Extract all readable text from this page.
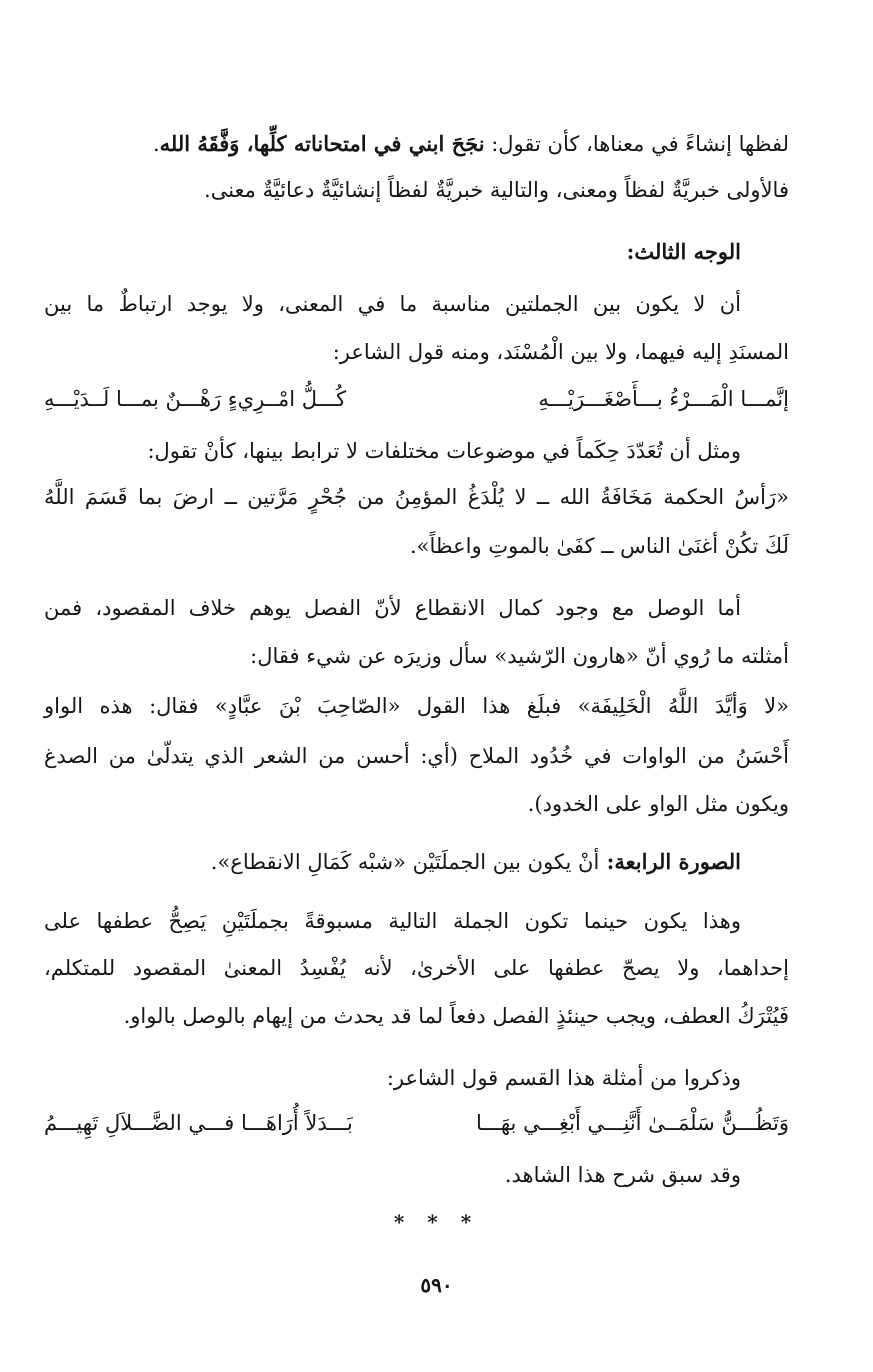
لفظها إنشاءً في معناها، كأن تقول: نجَحَ ابني في امتحاناته كلِّها، وَفَّقَهُ الله.

فالأولى خبريَّةٌ لفظاً ومعنى، والتالية خبريَّةٌ لفظاً إنشائيَّةٌ دعائيَّةٌ معنى.

الوجه الثالث:

أن لا يكون بين الجملتين مناسبة ما في المعنى، ولا يوجد ارتباطٌ ما بين

المسنَدِ إليه فيهما، ولا بين الْمُسْنَد، ومنه قول الشاعر:

إنَّمـــا الْمَـــرْءُ بـــأَصْغَـــرَيْـــهِ
كُـــلُّ امْــرِيءٍ رَهْـــنٌ بمـــا لَــدَيْـــهِ

ومثل أن تُعَدّدَ حِكَماً في موضوعات مختلفات لا ترابط بينها، كأنْ تقول:

«رَأسُ الحكمة مَخَافَةُ الله ــ لا يُلْدَغُ المؤمِنُ من جُحْرٍ مَرَّتين ــ ارضَ بما قَسَمَ اللَّهُ

لَكَ تكُنْ أغنَىٰ الناس ــ كفَىٰ بالموتِ واعظاً».

أما الوصل مع وجود كمال الانقطاع لأنّ الفصل يوهم خلاف المقصود، فمن

أمثلته ما رُوي أنّ «هارون الرّشيد» سأل وزيرَه عن شيء فقال:

«لا وَأيَّدَ اللَّهُ الْخَلِيفَة» فبلَغ هذا القول «الصّاحِبَ بْنَ عبَّادٍ» فقال: هذه الواو

أَحْسَنُ من الواوات في خُدُود الملاح (أي: أحسن من الشعر الذي يتدلّىٰ من الصدغ

ويكون مثل الواو على الخدود).

الصورة الرابعة: أنْ يكون بين الجملَتَيْن «شبْه كَمَالِ الانقطاع».

وهذا يكون حينما تكون الجملة التالية مسبوقةً بجملَتَيْنِ يَصِحُّ عطفها على

إحداهما، ولا يصحّ عطفها على الأخرىٰ، لأنه يُفْسِدُ المعنىٰ المقصود للمتكلم،

فَيُتْرَكُ العطف، ويجب حينئذٍ الفصل دفعاً لما قد يحدث من إيهام بالوصل بالواو.

وذكروا من أمثلة هذا القسم قول الشاعر:

وَتَظُـــنُّ سَلْمَــىٰ أَنَّنِـــي أَبْغِـــي بهَـــا
بَـــدَلاً أُرَاهَـــا فـــي الضَّـــلاَلِ تَهِيـــمُ

وقد سبق شرح هذا الشاهد.

* * *
٥٩٠
